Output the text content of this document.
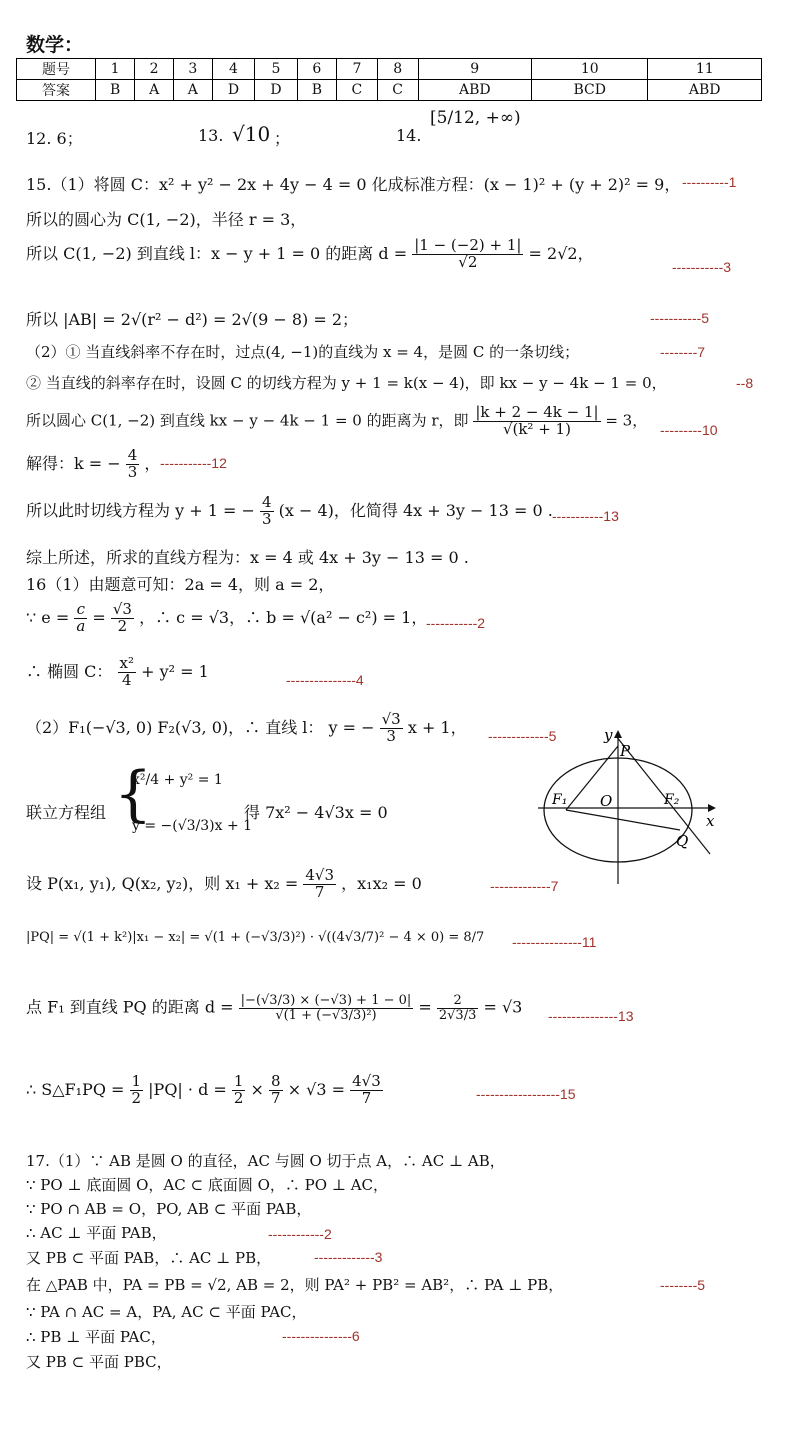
数学：
题号	1	2	3	4	5	6	7	8	9	10	11
答案	B	A	A	D	D	B	C	C	ABD	BCD	ABD
12. 6；	13. √10 ；	14.
[5/12, +∞)
15.（1）将圆 C：x² + y² − 2x + 4y − 4 = 0 化成标准方程：(x − 1)² + (y + 2)² = 9， ----------1
所以的圆心为 C(1, −2)，半径 r = 3，
所以 C(1, −2) 到直线 l：x − y + 1 = 0 的距离 $d = \frac{|1 - (-2) + 1|}{√2} = 2√2$，
-----------3
所以 |AB| = 2√(r² − d²) = 2√(9 − 8) = 2；	-----------5
（2）① 当直线斜率不存在时，过点(4, −1)的直线为 x = 4，是圆 C 的一条切线；	--------7
② 当直线的斜率存在时，设圆 C 的切线方程为 y + 1 = k(x − 4)，即 kx − y − 4k − 1 = 0，	--8
所以圆心 C(1, −2) 到直线 kx − y − 4k − 1 = 0 的距离为 r，即 $\frac{|k + 2 - 4k - 1|}{\text{√(k² + 1)}} = 3$，
---------10
解得：k = − $\frac{4}{3}$ ， -----------12
所以此时切线方程为 y + 1 = − $\frac{4}{3} (x - 4)$，化简得 4x + 3y − 13 = 0 . -----------13
综上所述，所求的直线方程为：x = 4 或 4x + 3y − 13 = 0 .
16（1）由题意可知：2a = 4，则 a = 2，
∵ $e = \frac{c}{a} = \frac{√3}{2}$ ，∴ c = √3，∴ b = √(a² − c²) = 1，
-----------2
∴ 椭圆 C： $\frac{\text{x²}}{4} + y^2 = 1$	---------------4
（2）F₁(−√3, 0) F₂(√3, 0)，∴ 直线 l： y = − $\frac{√3}{3}$ x + 1， -------------5
联立方程组 {
x²/4 + y² = 1
y = −(√3/3)x + 1
得 7x² − 4√3x = 0
设 P(x₁, y₁), Q(x₂, y₂)，则 $x_1 + x_2 = \frac{4√3}{7}$ ，x₁x₂ = 0	-------------7
|PQ| = √(1 + k²)|x₁ − x₂| = √(1 + (−√3/3)²) · √((4√3/7)² − 4 × 0) = 8/7 ---------------11
点 F₁ 到直线 PQ 的距离 $d = \frac{|-(√3/3) \times (-√3) + 1 - 0|}{\text{√(1 + (−√3/3)²)}} = \frac{2}{2√3/3} = √3$ ---------------13
∴ S△F₁PQ = $\frac{1}{2} |PQ| \cdot d = \frac{1}{2} \times \frac{8}{7} \times √3 = \frac{4√3}{7}$	------------------15
x
y
P
O
F₁	F₂
Q
17.（1）∵ AB 是圆 O 的直径，AC 与圆 O 切于点 A，∴ AC ⊥ AB，
∵ PO ⊥ 底面圆 O，AC ⊂ 底面圆 O，∴ PO ⊥ AC，
∵ PO ∩ AB = O，PO, AB ⊂ 平面 PAB，
∴ AC ⊥ 平面 PAB，	------------2
又 PB ⊂ 平面 PAB，∴ AC ⊥ PB，	-------------3
在 △PAB 中，PA = PB = √2, AB = 2，则 PA² + PB² = AB²，∴ PA ⊥ PB，	--------5
∵ PA ∩ AC = A，PA, AC ⊂ 平面 PAC，
∴ PB ⊥ 平面 PAC，	---------------6
又 PB ⊂ 平面 PBC，
